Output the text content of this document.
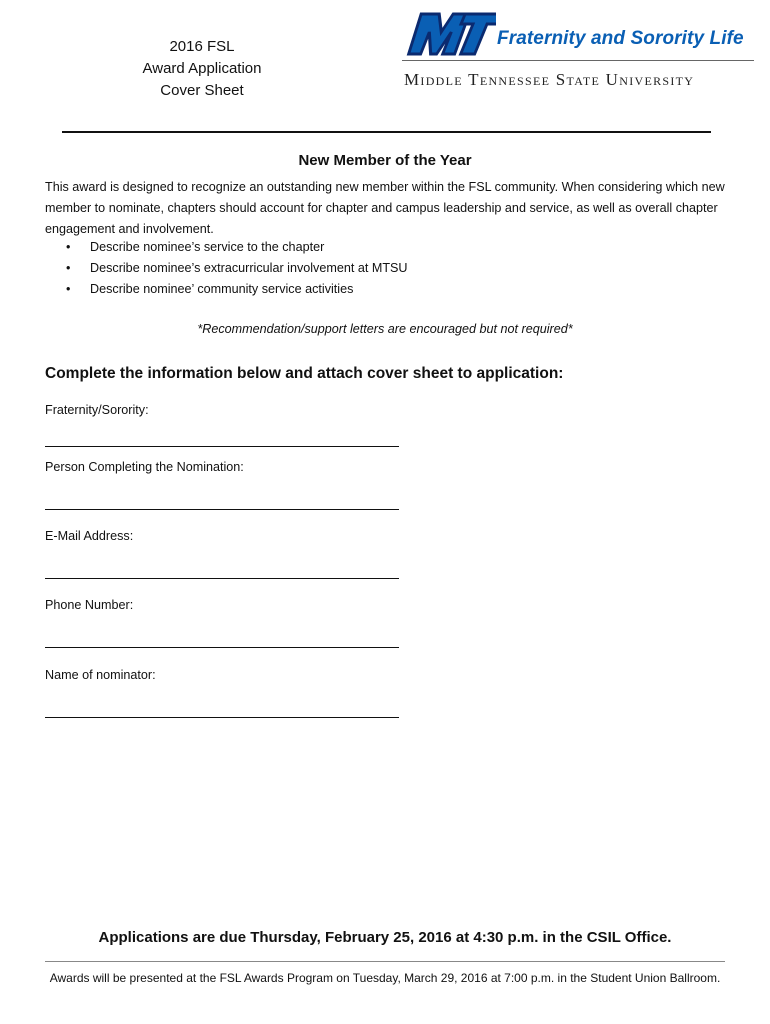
2016 FSL
Award Application
Cover Sheet
Fraternity and Sorority Life
Middle Tennessee State University
New Member of the Year
This award is designed to recognize an outstanding new member within the FSL community. When considering which new member to nominate, chapters should account for chapter and campus leadership and service, as well as overall chapter engagement and involvement.
• Describe nominee’s service to the chapter
• Describe nominee’s extracurricular involvement at MTSU
• Describe nominee’ community service activities
*Recommendation/support letters are encouraged but not required*
Complete the information below and attach cover sheet to application:
Fraternity/Sorority:
Person Completing the Nomination:
E-Mail Address:
Phone Number:
Name of nominator:
Applications are due Thursday, February 25, 2016 at 4:30 p.m. in the CSIL Office.
Awards will be presented at the FSL Awards Program on Tuesday, March 29, 2016 at 7:00 p.m. in the Student Union Ballroom.
